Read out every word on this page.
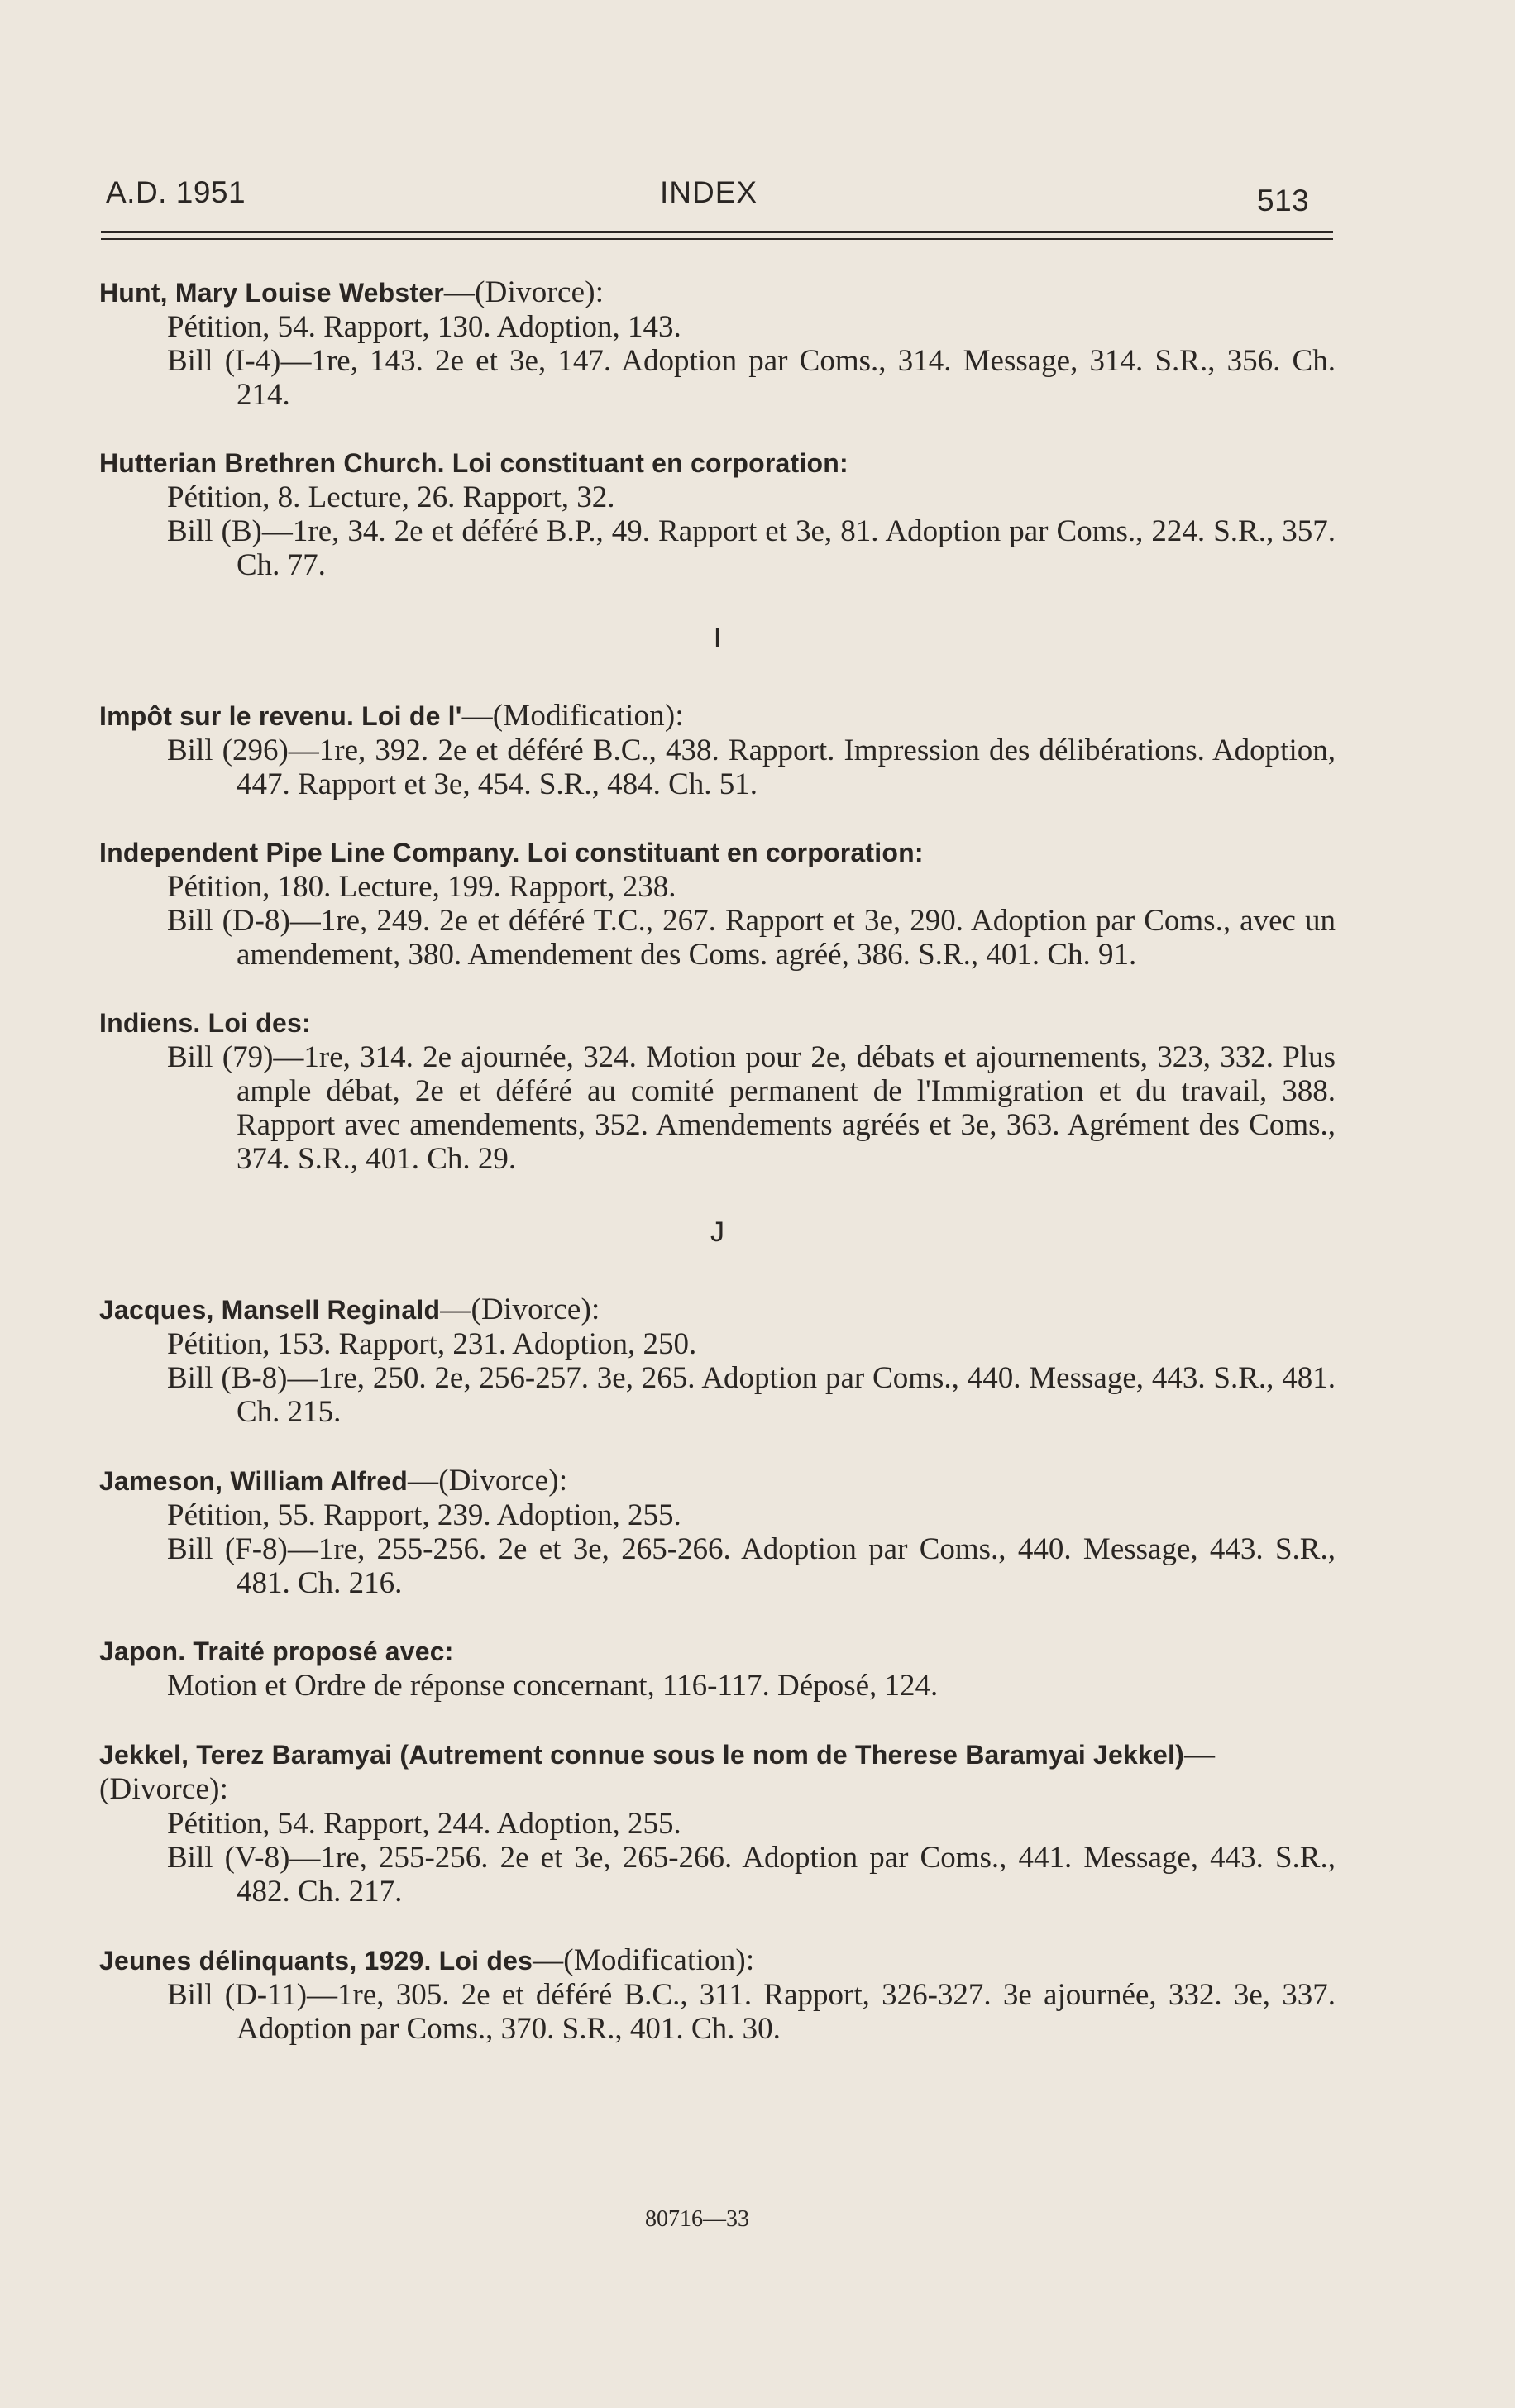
A.D. 1951	INDEX	513
Hunt, Mary Louise Webster—(Divorce):
Pétition, 54. Rapport, 130. Adoption, 143.
Bill (I-4)—1re, 143. 2e et 3e, 147. Adoption par Coms., 314. Message, 314. S.R., 356. Ch. 214.
Hutterian Brethren Church. Loi constituant en corporation:
Pétition, 8. Lecture, 26. Rapport, 32.
Bill (B)—1re, 34. 2e et déféré B.P., 49. Rapport et 3e, 81. Adoption par Coms., 224. S.R., 357. Ch. 77.
I
Impôt sur le revenu. Loi de l'—(Modification):
Bill (296)—1re, 392. 2e et déféré B.C., 438. Rapport. Impression des délibérations. Adoption, 447. Rapport et 3e, 454. S.R., 484. Ch. 51.
Independent Pipe Line Company. Loi constituant en corporation:
Pétition, 180. Lecture, 199. Rapport, 238.
Bill (D-8)—1re, 249. 2e et déféré T.C., 267. Rapport et 3e, 290. Adoption par Coms., avec un amendement, 380. Amendement des Coms. agréé, 386. S.R., 401. Ch. 91.
Indiens. Loi des:
Bill (79)—1re, 314. 2e ajournée, 324. Motion pour 2e, débats et ajournements, 323, 332. Plus ample débat, 2e et déféré au comité permanent de l'Immigration et du travail, 388. Rapport avec amendements, 352. Amendements agréés et 3e, 363. Agrément des Coms., 374. S.R., 401. Ch. 29.
J
Jacques, Mansell Reginald—(Divorce):
Pétition, 153. Rapport, 231. Adoption, 250.
Bill (B-8)—1re, 250. 2e, 256-257. 3e, 265. Adoption par Coms., 440. Message, 443. S.R., 481. Ch. 215.
Jameson, William Alfred—(Divorce):
Pétition, 55. Rapport, 239. Adoption, 255.
Bill (F-8)—1re, 255-256. 2e et 3e, 265-266. Adoption par Coms., 440. Message, 443. S.R., 481. Ch. 216.
Japon. Traité proposé avec:
Motion et Ordre de réponse concernant, 116-117. Déposé, 124.
Jekkel, Terez Baramyai (Autrement connue sous le nom de Therese Baramyai Jekkel)—(Divorce):
Pétition, 54. Rapport, 244. Adoption, 255.
Bill (V-8)—1re, 255-256. 2e et 3e, 265-266. Adoption par Coms., 441. Message, 443. S.R., 482. Ch. 217.
Jeunes délinquants, 1929. Loi des—(Modification):
Bill (D-11)—1re, 305. 2e et déféré B.C., 311. Rapport, 326-327. 3e ajournée, 332. 3e, 337. Adoption par Coms., 370. S.R., 401. Ch. 30.
80716—33
